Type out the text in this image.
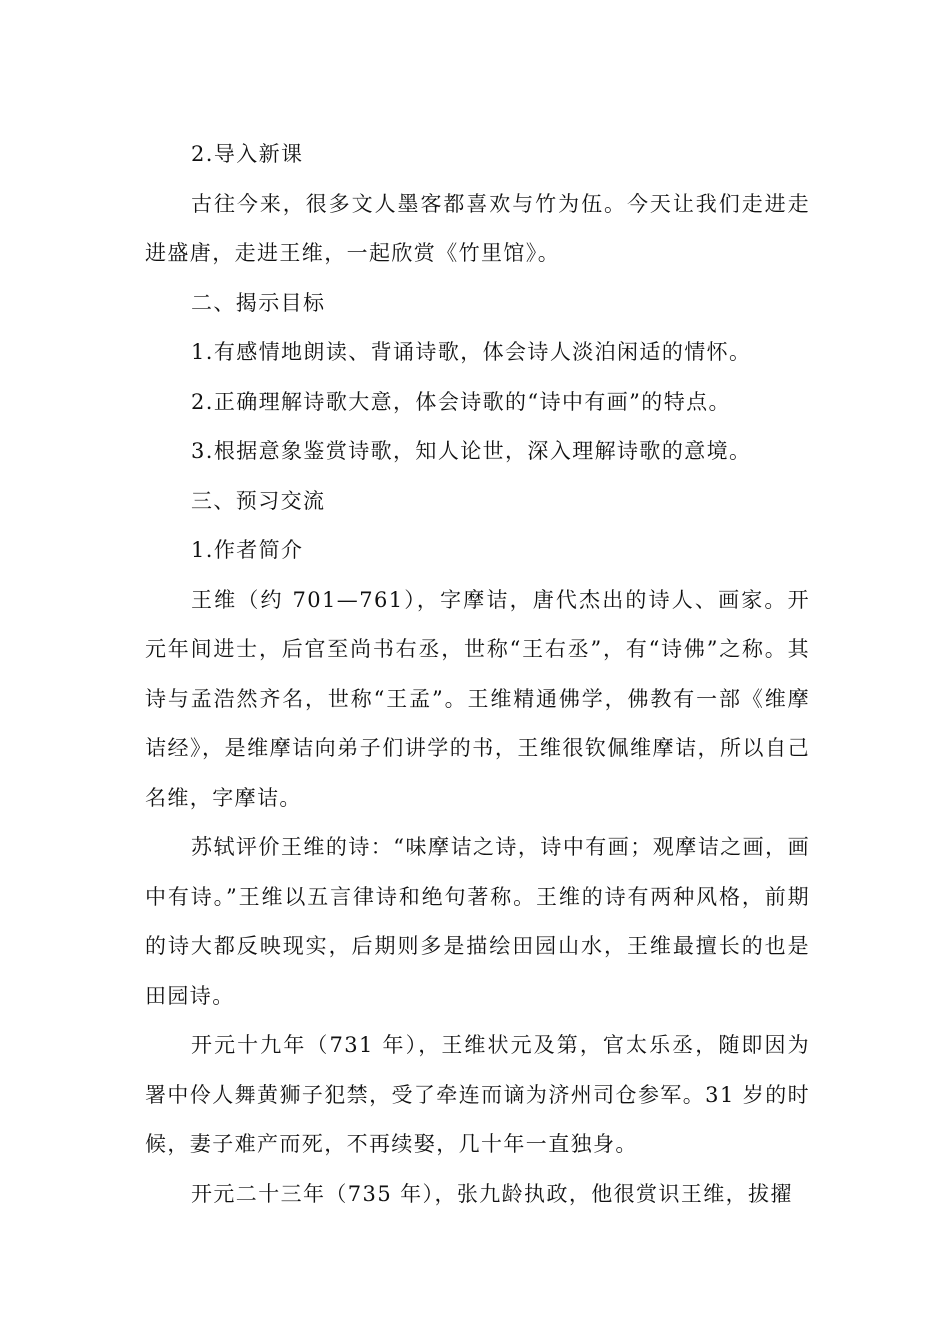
2.导入新课

古往今来，很多文人墨客都喜欢与竹为伍。今天让我们走进走进盛唐，走进王维，一起欣赏《竹里馆》。

二、揭示目标

1.有感情地朗读、背诵诗歌，体会诗人淡泊闲适的情怀。

2.正确理解诗歌大意，体会诗歌的“诗中有画”的特点。

3.根据意象鉴赏诗歌，知人论世，深入理解诗歌的意境。

三、预习交流

1.作者简介

王维（约 701—761），字摩诘，唐代杰出的诗人、画家。开元年间进士，后官至尚书右丞，世称“王右丞”，有“诗佛”之称。其诗与孟浩然齐名，世称“王孟”。王维精通佛学，佛教有一部《维摩诘经》，是维摩诘向弟子们讲学的书，王维很钦佩维摩诘，所以自己名维，字摩诘。

苏轼评价王维的诗：“味摩诘之诗，诗中有画；观摩诘之画，画中有诗。”王维以五言律诗和绝句著称。王维的诗有两种风格，前期的诗大都反映现实，后期则多是描绘田园山水，王维最擅长的也是田园诗。

开元十九年（731 年），王维状元及第，官太乐丞，随即因为署中伶人舞黄狮子犯禁，受了牵连而谪为济州司仓参军。31 岁的时候，妻子难产而死，不再续娶，几十年一直独身。

开元二十三年（735 年），张九龄执政，他很赏识王维，拔擢
